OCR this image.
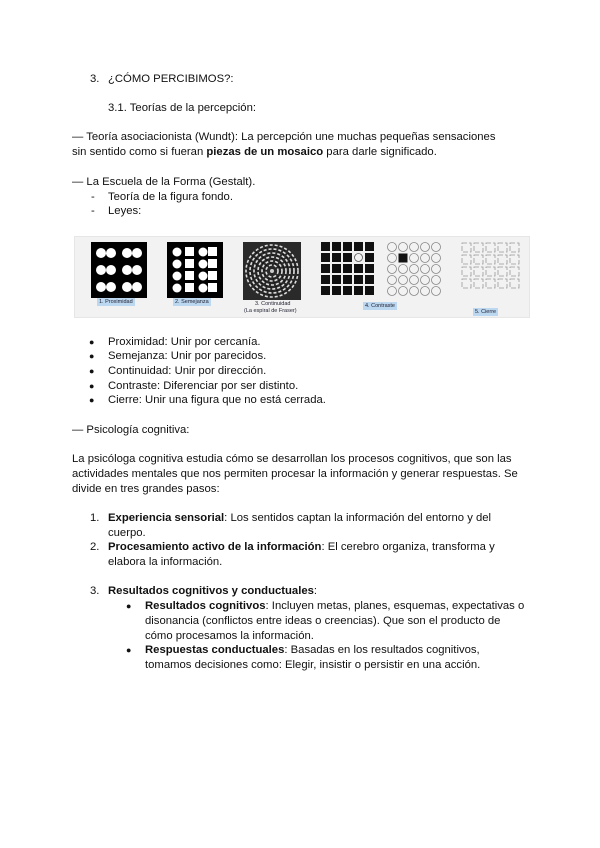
3. ¿CÓMO PERCIBIMOS?:
3.1. Teorías de la percepción:
— Teoría asociacionista (Wundt): La percepción une muchas pequeñas sensaciones sin sentido como si fueran piezas de un mosaico para darle significado.
— La Escuela de la Forma (Gestalt).
- Teoría de la figura fondo.
- Leyes:
1. Proximidad	2. Semejanza	3. Continuidad
(La espiral de Fraser)
4. Contraste
5. Cierre
● Proximidad: Unir por cercanía.
● Semejanza: Unir por parecidos.
● Continuidad: Unir por dirección.
● Contraste: Diferenciar por ser distinto.
● Cierre: Unir una figura que no está cerrada.
— Psicología cognitiva:
La psicóloga cognitiva estudia cómo se desarrollan los procesos cognitivos, que son las actividades mentales que nos permiten procesar la información y generar respuestas. Se divide en tres grandes pasos:
1. Experiencia sensorial: Los sentidos captan la información del entorno y del cuerpo.
2. Procesamiento activo de la información: El cerebro organiza, transforma y elabora la información.
3. Resultados cognitivos y conductuales:
● Resultados cognitivos: Incluyen metas, planes, esquemas, expectativas o disonancia (conflictos entre ideas o creencias). Que son el producto de cómo procesamos la información.
● Respuestas conductuales: Basadas en los resultados cognitivos, tomamos decisiones como: Elegir, insistir o persistir en una acción.
